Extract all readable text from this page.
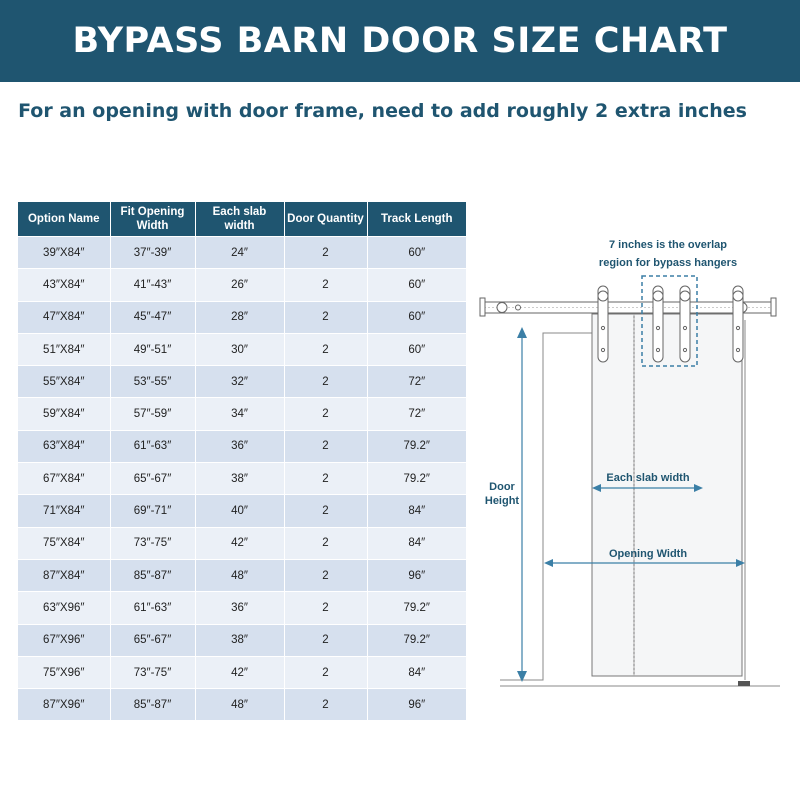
BYPASS BARN DOOR SIZE CHART
For an opening with door frame, need to add roughly 2 extra inches
Option Name	Fit Opening Width	Each slab width	Door Quantity	Track Length
39″X84″	37″-39″	24″	2	60″
43″X84″	41″-43″	26″	2	60″
47″X84″	45″-47″	28″	2	60″
51″X84″	49″-51″	30″	2	60″
55″X84″	53″-55″	32″	2	72″
59″X84″	57″-59″	34″	2	72″
63″X84″	61″-63″	36″	2	79.2″
67″X84″	65″-67″	38″	2	79.2″
71″X84″	69″-71″	40″	2	84″
75″X84″	73″-75″	42″	2	84″
87″X84″	85″-87″	48″	2	96″
63″X96″	61″-63″	36″	2	79.2″
67″X96″	65″-67″	38″	2	79.2″
75″X96″	73″-75″	42″	2	84″
87″X96″	85″-87″	48″	2	96″
7 inches is the overlap
region for bypass hangers
Door
Height
Each slab width
Opening Width
